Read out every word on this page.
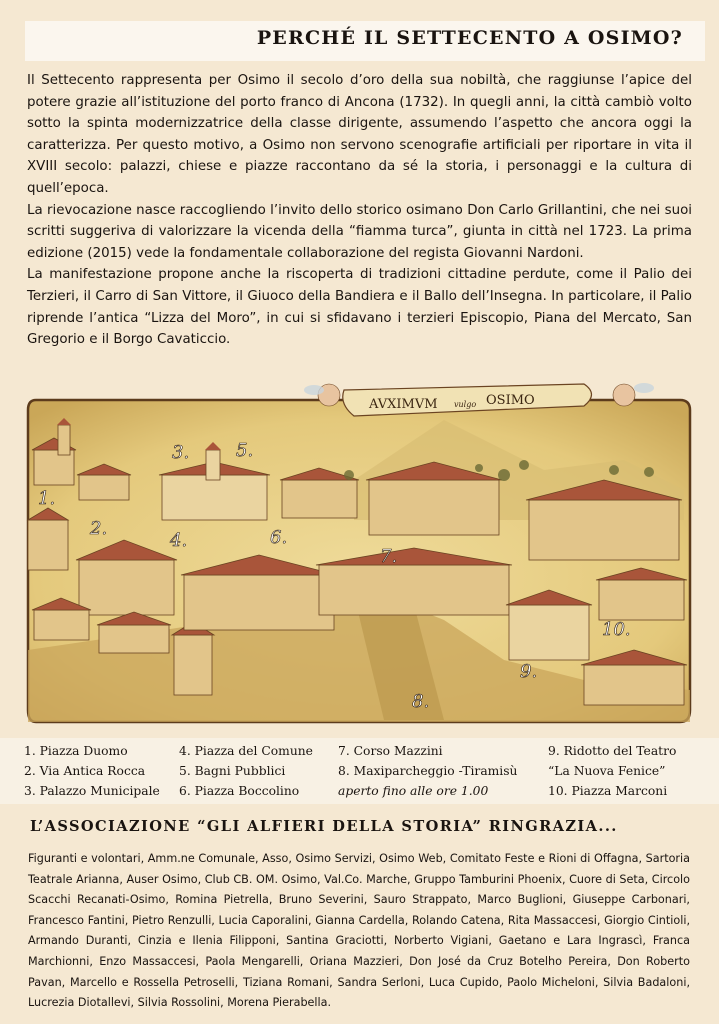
PERCHÉ IL SETTECENTO A OSIMO?

Il Settecento rappresenta per Osimo il secolo d’oro della sua nobiltà, che raggiunse l’apice del potere grazie all’istituzione del porto franco di Ancona (1732). In quegli anni, la città cambiò volto sotto la spinta modernizzatrice della classe dirigente, assumendo l’aspetto che ancora oggi la caratterizza. Per questo motivo, a Osimo non servono scenografie artificiali per riportare in vita il XVIII secolo: palazzi, chiese e piazze raccontano da sé la storia, i personaggi e la cultura di quell’epoca.

La rievocazione nasce raccogliendo l’invito dello storico osimano Don Carlo Grillantini, che nei suoi scritti suggeriva di valorizzare la vicenda della “fiamma turca”, giunta in città nel 1723. La prima edizione (2015) vede la fondamentale collaborazione del regista Giovanni Nardoni.

La manifestazione propone anche la riscoperta di tradizioni cittadine perdute, come il Palio dei Terzieri, il Carro di San Vittore, il Giuoco della Bandiera e il Ballo dell’Insegna. In particolare, il Palio riprende l’antica “Lizza del Moro”, in cui si sfidavano i terzieri Episcopio, Piana del Mercato, San Gregorio e il Borgo Cavaticcio.

AVXIMVM vulgo OSIMO
1.
2.
3.
4.
5.
6.
7.
8.
9.
10.
1. Piazza Duomo
2. Via Antica Rocca
3. Palazzo Municipale
4. Piazza del Comune
5. Bagni Pubblici
6. Piazza Boccolino
7. Corso Mazzini
8. Maxiparcheggio -Tiramisù
aperto fino alle ore 1.00
9. Ridotto del Teatro
“La Nuova Fenice”
10. Piazza Marconi
L’ASSOCIAZIONE “GLI ALFIERI DELLA STORIA” RINGRAZIA...

Figuranti e volontari, Amm.ne Comunale, Asso, Osimo Servizi, Osimo Web, Comitato Feste e Rioni di Offagna, Sartoria Teatrale Arianna, Auser Osimo, Club CB. OM. Osimo, Val.Co. Marche, Gruppo Tamburini Phoenix, Cuore di Seta, Circolo Scacchi Recanati-Osimo, Romina Pietrella, Bruno Severini, Sauro Strappato, Marco Buglioni, Giuseppe Carbonari, Francesco Fantini, Pietro Renzulli, Lucia Caporalini, Gianna Cardella, Rolando Catena, Rita Massaccesi, Giorgio Cintioli, Armando Duranti, Cinzia e Ilenia Filipponi, Santina Graciotti, Norberto Vigiani, Gaetano e Lara Ingrascì, Franca Marchionni, Enzo Massaccesi, Paola Mengarelli, Oriana Mazzieri, Don José da Cruz Botelho Pereira, Don Roberto Pavan, Marcello e Rossella Petroselli, Tiziana Romani, Sandra Serloni, Luca Cupido, Paolo Micheloni, Silvia Badaloni, Lucrezia Diotallevi, Silvia Rossolini, Morena Pierabella.
